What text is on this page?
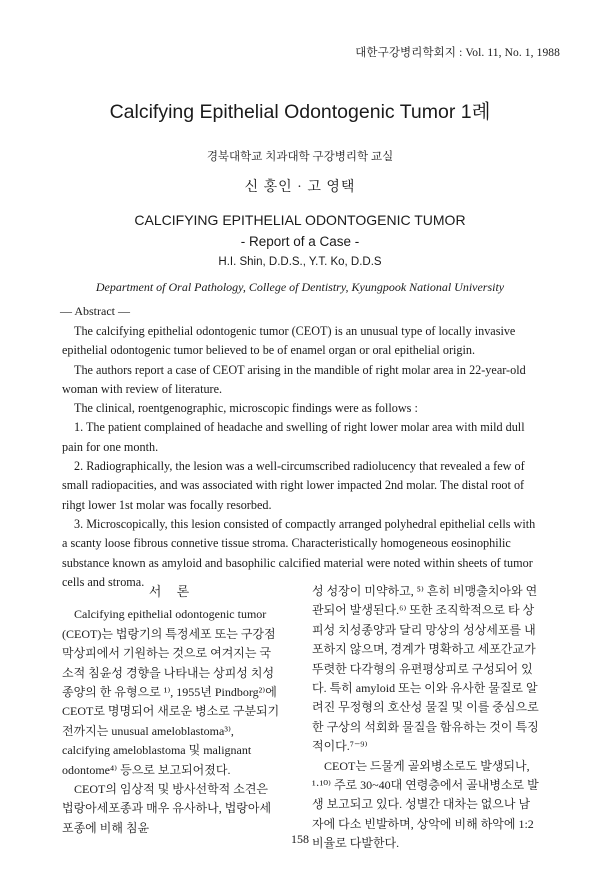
대한구강병리학회지 : Vol. 11, No. 1, 1988
Calcifying Epithelial Odontogenic Tumor 1례
경북대학교 치과대학 구강병리학 교실
신 홍인 · 고 영택
CALCIFYING EPITHELIAL ODONTOGENIC TUMOR
- Report of a Case -
H.I. Shin, D.D.S., Y.T. Ko, D.D.S
Department of Oral Pathology, College of Dentistry, Kyungpook National University
— Abstract —

The calcifying epithelial odontogenic tumor (CEOT) is an unusual type of locally invasive epithelial odontogenic tumor believed to be of enamel organ or oral epithelial origin.

The authors report a case of CEOT arising in the mandible of right molar area in 22-year-old woman with review of literature.

The clinical, roentgenographic, microscopic findings were as follows :

1. The patient complained of headache and swelling of right lower molar area with mild dull pain for one month.

2. Radiographically, the lesion was a well-circumscribed radiolucency that revealed a few of small radiopacities, and was associated with right lower impacted 2nd molar. The distal root of rihgt lower 1st molar was focally resorbed.

3. Microscopically, this lesion consisted of compactly arranged polyhedral epithelial cells with a scanty loose fibrous connetive tissue stroma. Characteristically homogeneous eosinophilic substance known as amyloid and basophilic calcified material were noted within sheets of tumor cells and stroma.

서 론

Calcifying epithelial odontogenic tumor (CEOT)는 법랑기의 특정세포 또는 구강점막상피에서 기원하는 것으로 여겨지는 국소적 침윤성 경향을 나타내는 상피성 치성종양의 한 유형으로 ¹⁾, 1955년 Pindborg²⁾에 CEOT로 명명되어 새로운 병소로 구분되기 전까지는 unusual ameloblastoma³⁾, calcifying ameloblastoma 및 malignant odontome⁴⁾ 등으로 보고되어졌다.

CEOT의 임상적 및 방사선학적 소견은 법랑아세포종과 매우 유사하나, 법랑아세포종에 비해 침윤

성 성장이 미약하고, ⁵⁾ 흔히 비맹출치아와 연관되어 발생된다.⁶⁾ 또한 조직학적으로 타 상피성 치성종양과 달리 망상의 성상세포를 내포하지 않으며, 경계가 명확하고 세포간교가 뚜렷한 다각형의 유편평상피로 구성되어 있다. 특히 amyloid 또는 이와 유사한 물질로 알려진 무정형의 호산성 물질 및 이를 중심으로 한 구상의 석회화 물질을 함유하는 것이 특징적이다.⁷⁻⁹⁾

CEOT는 드물게 골외병소로도 발생되나, ¹·¹⁰⁾ 주로 30~40대 연령층에서 골내병소로 발생 보고되고 있다. 성별간 대차는 없으나 남자에 다소 빈발하며, 상악에 비해 하악에 1:2 비율로 다발한다.

158
